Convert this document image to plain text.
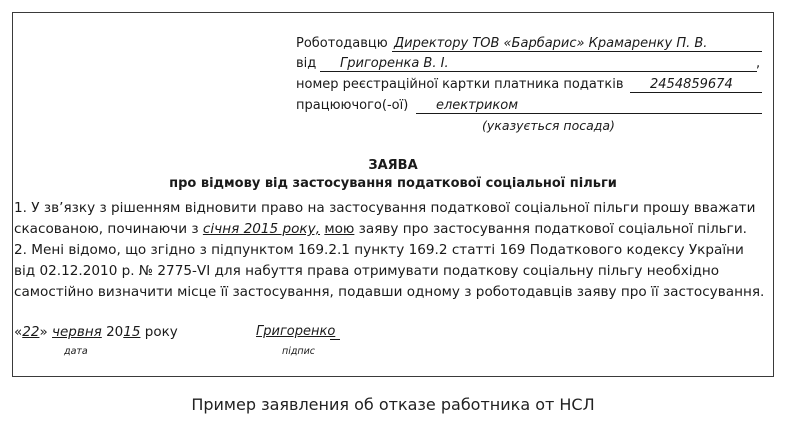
Роботодавцю Директору ТОВ «Барбарис» Крамаренку П. В.
від Григоренка В. І.	,
номер реєстраційної картки платника податків 2454859674
працюючого(-ої) електриком
(указується посада)
ЗАЯВА
про відмову від застосування податкової соціальної пільги
1. У зв’язку з рішенням відновити право на застосування податкової соціальної пільги прошу вважати
скасованою, починаючи з січня 2015 року, мою заяву про застосування податкової соціальної пільги.
2. Мені відомо, що згідно з підпунктом 169.2.1 пункту 169.2 статті 169 Податкового кодексу України
від 02.12.2010 р. № 2775-VI для набуття права отримувати податкову соціальну пільгу необхідно
самостійно визначити місце її застосування, подавши одному з роботодавців заяву про її застосування.
«22» червня 2015 року	Григоренко
дата	підпис
Пример заявления об отказе работника от НСЛ
